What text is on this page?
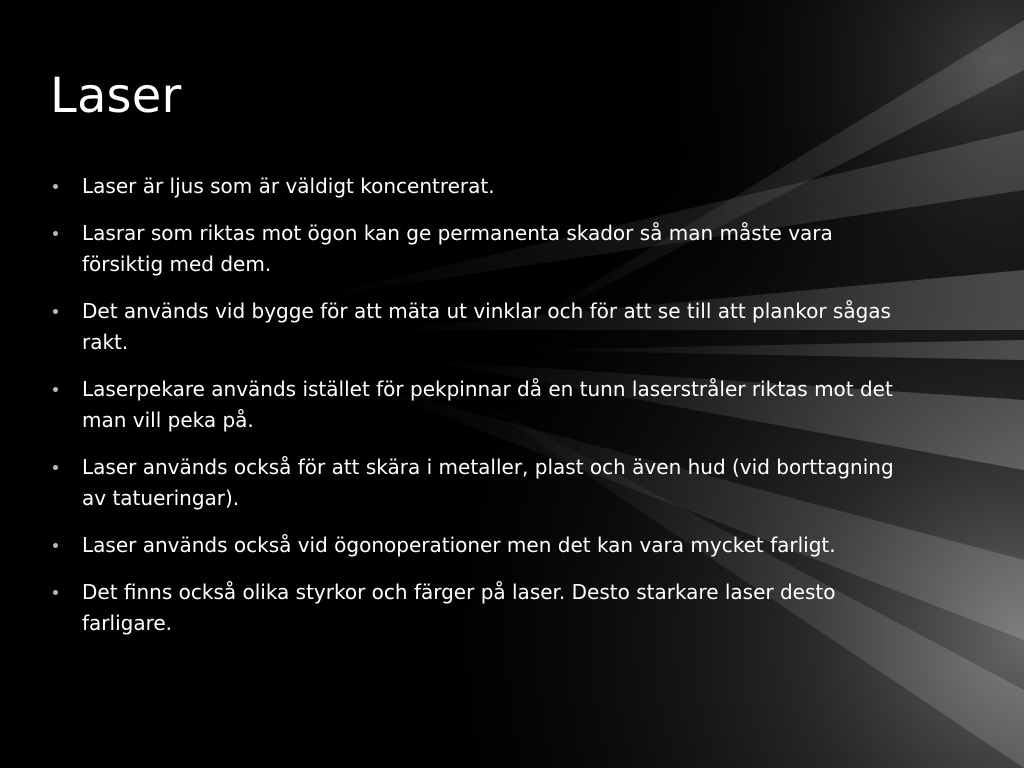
Laser
Laser är ljus som är väldigt koncentrerat.
Lasrar som riktas mot ögon kan ge permanenta skador så man måste vara försiktig med dem.
Det används vid bygge för att mäta ut vinklar och för att se till att plankor sågas rakt.
Laserpekare används istället för pekpinnar då en tunn laserstråler riktas mot det man vill peka på.
Laser används också för att skära i metaller, plast och även hud (vid borttagning av tatueringar).
Laser används också vid ögonoperationer men det kan vara mycket farligt.
Det finns också olika styrkor och färger på laser. Desto starkare laser desto farligare.
